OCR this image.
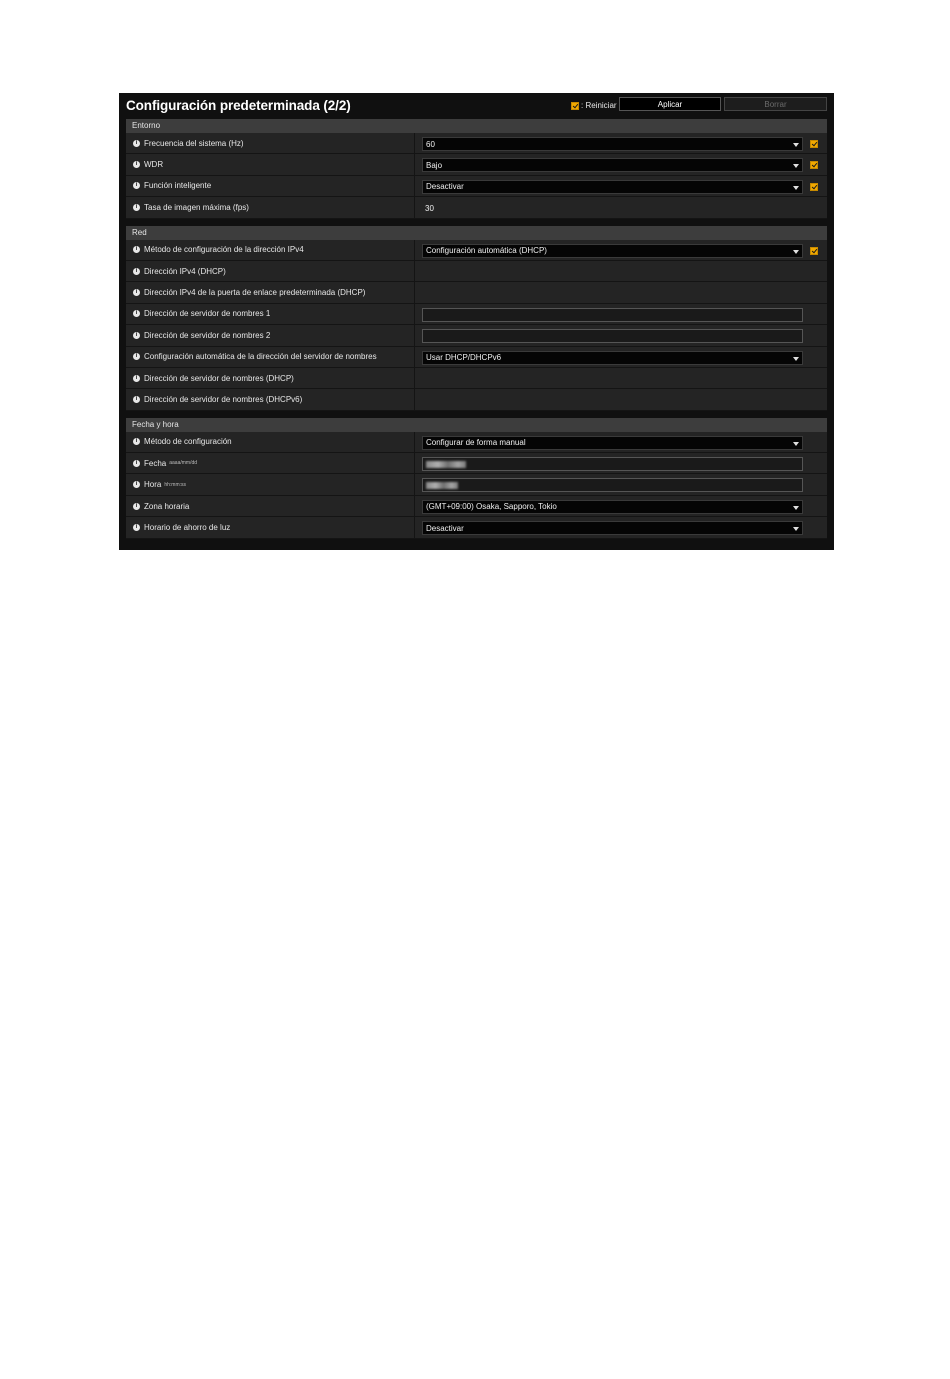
Configuración predeterminada (2/2)	: Reiniciar	Aplicar	Borrar
Entorno
i Frecuencia del sistema (Hz)	60
i WDR	Bajo
i Función inteligente	Desactivar
i Tasa de imagen máxima (fps)	30
Red
i Método de configuración de la dirección IPv4	Configuración automática (DHCP)
i Dirección IPv4 (DHCP)
i Dirección IPv4 de la puerta de enlace predeterminada (DHCP)
i Dirección de servidor de nombres 1
i Dirección de servidor de nombres 2
i Configuración automática de la dirección del servidor de nombres	Usar DHCP/DHCPv6
i Dirección de servidor de nombres (DHCP)
i Dirección de servidor de nombres (DHCPv6)
Fecha y hora
i Método de configuración	Configurar de forma manual
i Fecha aaaa/mm/dd
i Hora hh:mm:ss
i Zona horaria	(GMT+09:00) Osaka, Sapporo, Tokio
i Horario de ahorro de luz	Desactivar
